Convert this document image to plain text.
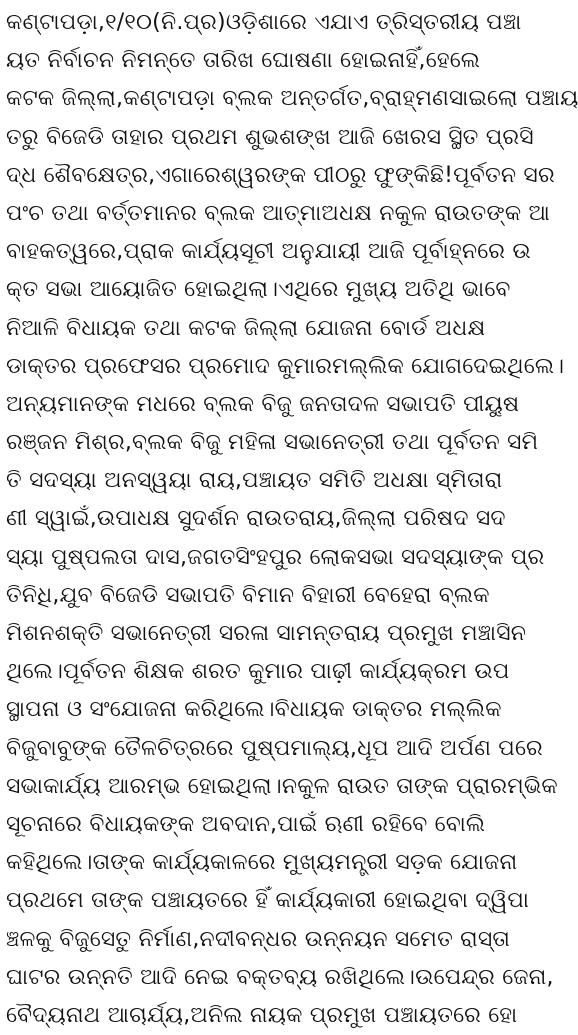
କଣ୍ଟାପଡ଼ା,୧/୧୦(ନି.ପ୍ର)ଓଡ଼ିଶାରେ ଏଯାଏ ତ୍ରିସ୍ତରୀୟ ପଞ୍ଚା
ୟତ ନିର୍ବାଚନ ନିମନ୍ତେ ତାରିଖ ଘୋଷଣା ହୋଇନାହିଁ,ହେଲେ
କଟକ ଜିଲ୍ଲା,କଣ୍ଟାପଡ଼ା ବ୍ଲକ ଅନ୍ତର୍ଗତ,ବ୍ରାହ୍ମଣସାଇଲୋ ପଞ୍ଚାୟ
ତରୁ ବିଜେଡି ତାହାର ପ୍ରଥମ ଶୁଭଶଙ୍ଖ ଆଜି ଖେରସ ସ୍ଥିତ ପ୍ରସି
ଦ୍ଧ ଶୈବକ୍ଷେତ୍ର,ଏଗାରେଶ୍ୱରଙ୍କ ପୀଠରୁ ଫୁଙ୍କିଛି!ପୂର୍ବତନ ସର
ପଂଚ ତଥା ବର୍ତ୍ତମାନର ବ୍ଲକ ଆତ୍ମାଅଧକ୍ଷ ନକୁଳ ରାଉତଙ୍କ ଆ
ବାହକତ୍ୱରେ,ପ୍ରାକ କାର୍ଯ୍ୟସୂଚୀ ଅନୁଯାୟୀ ଆଜି ପୂର୍ବାହ୍ନରେ ଉ
କ୍ତ ସଭା ଆୟୋଜିତ ହୋଇଥିଲା।ଏଥିରେ ମୁଖ୍ୟ ଅତିଥି ଭାବେ
ନିଆଳି ବିଧାୟକ ତଥା କଟକ ଜିଲ୍ଲା ଯୋଜନା ବୋର୍ଡ ଅଧକ୍ଷ
ଡାକ୍ତର ପ୍ରଫେସର ପ୍ରମୋଦ କୁମାରମଲ୍ଲିକ ଯୋଗଦେଇଥିଲେ।
ଅନ୍ୟମାନଙ୍କ ମଧରେ ବ୍ଲକ ବିଜୁ ଜନତାଦଳ ସଭାପତି ପୀୟୁଷ
ରଞ୍ଜନ ମିଶ୍ର,ବ୍ଲକ ବିଜୁ ମହିଳା ସଭାନେତ୍ରୀ ତଥା ପୂର୍ବତନ ସମି
ତି ସଦସ୍ୟା ଅନସ୍ୱୟା ରାୟ,ପଞ୍ଚାୟତ ସମିତି ଅଧକ୍ଷା ସ୍ମିତାରା
ଣୀ ସ୍ୱାଇଁ,ଉପାଧକ୍ଷ ସୁଦର୍ଶନ ରାଉତରାୟ,ଜିଲ୍ଲା ପରିଷଦ ସଦ
ସ୍ୟା ପୁଷ୍ପଲତା ଦାସ,ଜଗତସିଂହପୁର ଲୋକସଭା ସଦସ୍ୟାଙ୍କ ପ୍ର
ତିନିଧି,ଯୁବ ବିଜେଡି ସଭାପତି ବିମାନ ବିହାରୀ ବେହେରା ବ୍ଲକ
ମିଶନଶକ୍ତି ସଭାନେତ୍ରୀ ସରଳା ସାମନ୍ତରାୟ ପ୍ରମୁଖ ମଞ୍ଚାସିନ
ଥିଲେ।ପୂର୍ବତନ ଶିକ୍ଷକ ଶରତ କୁମାର ପାଢ଼ୀ କାର୍ଯ୍ୟକ୍ରମ ଉପ
ସ୍ଥାପନା ଓ ସଂଯୋଜନା କରିଥିଲେ।ବିଧାୟକ ଡାକ୍ତର ମଲ୍ଲିକ
ବିଜୁବାବୁଙ୍କ ତୈଳଚିତ୍ରରେ ପୁଷ୍ପମାଲ୍ୟ,ଧୂପ ଆଦି ଅର୍ପଣ ପରେ
ସଭାକାର୍ଯ୍ୟ ଆରମ୍ଭ ହୋଇଥିଲା।ନକୁଳ ରାଉତ ତାଙ୍କ ପ୍ରାରମ୍ଭିକ
ସୂଚନାରେ ବିଧାୟକଙ୍କ ଅବଦାନ,ପାଇଁ ଋଣୀ ରହିବେ ବୋଲି
କହିଥିଲେ।ତାଙ୍କ କାର୍ଯ୍ୟକାଳରେ ମୁଖ୍ୟମନ୍ତ୍ରୀ ସଡ଼କ ଯୋଜନା
ପ୍ରଥମେ ତାଙ୍କ ପଞ୍ଚାୟତରେ ହିଁ କାର୍ଯ୍ୟକାରୀ ହୋଇଥିବା ଦ୍ୱିପା
ଞ୍ଚଳକୁ ବିଜୁସେତୁ ନିର୍ମାଣ,ନଦୀବନ୍ଧର ଉନ୍ନୟନ ସମେତ ରାସ୍ତା
ଘାଟର ଉନ୍ନତି ଆଦି ନେଇ ବକ୍ତବ୍ୟ ରଖିଥିଲେ।ଉପେନ୍ଦ୍ର ଜେନା,
ବୈଦ୍ୟନାଥ ଆଚାର୍ଯ୍ୟ,ଅନିଲ ନାୟକ ପ୍ରମୁଖ ପଞ୍ଚାୟତରେ ହୋ
